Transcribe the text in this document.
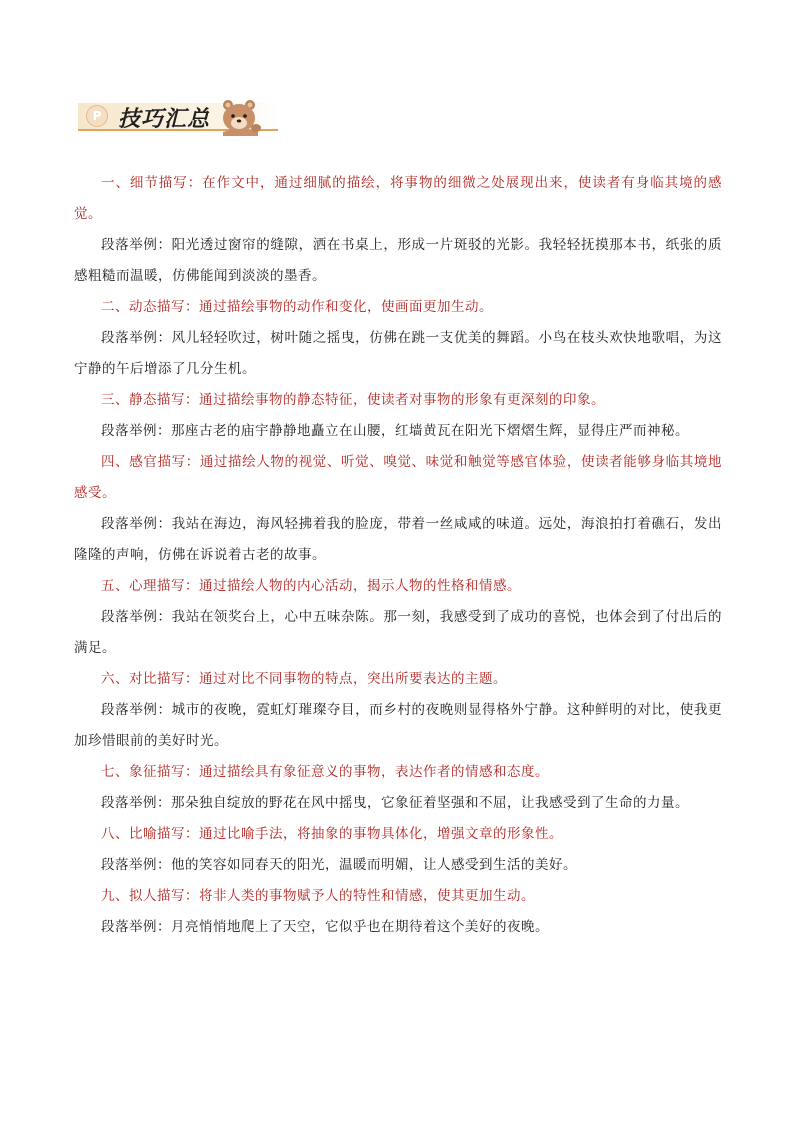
P 技巧汇总

一、细节描写：在作文中，通过细腻的描绘，将事物的细微之处展现出来，使读者有身临其境的感觉。

段落举例：阳光透过窗帘的缝隙，洒在书桌上，形成一片斑驳的光影。我轻轻抚摸那本书，纸张的质感粗糙而温暖，仿佛能闻到淡淡的墨香。

二、动态描写：通过描绘事物的动作和变化，使画面更加生动。

段落举例：风儿轻轻吹过，树叶随之摇曳，仿佛在跳一支优美的舞蹈。小鸟在枝头欢快地歌唱，为这宁静的午后增添了几分生机。

三、静态描写：通过描绘事物的静态特征，使读者对事物的形象有更深刻的印象。

段落举例：那座古老的庙宇静静地矗立在山腰，红墙黄瓦在阳光下熠熠生辉，显得庄严而神秘。

四、感官描写：通过描绘人物的视觉、听觉、嗅觉、味觉和触觉等感官体验，使读者能够身临其境地感受。

段落举例：我站在海边，海风轻拂着我的脸庞，带着一丝咸咸的味道。远处，海浪拍打着礁石，发出隆隆的声响，仿佛在诉说着古老的故事。

五、心理描写：通过描绘人物的内心活动，揭示人物的性格和情感。

段落举例：我站在领奖台上，心中五味杂陈。那一刻，我感受到了成功的喜悦，也体会到了付出后的满足。

六、对比描写：通过对比不同事物的特点，突出所要表达的主题。

段落举例：城市的夜晚，霓虹灯璀璨夺目，而乡村的夜晚则显得格外宁静。这种鲜明的对比，使我更加珍惜眼前的美好时光。

七、象征描写：通过描绘具有象征意义的事物，表达作者的情感和态度。

段落举例：那朵独自绽放的野花在风中摇曳，它象征着坚强和不屈，让我感受到了生命的力量。

八、比喻描写：通过比喻手法，将抽象的事物具体化，增强文章的形象性。

段落举例：他的笑容如同春天的阳光，温暖而明媚，让人感受到生活的美好。

九、拟人描写：将非人类的事物赋予人的特性和情感，使其更加生动。

段落举例：月亮悄悄地爬上了天空，它似乎也在期待着这个美好的夜晚。
